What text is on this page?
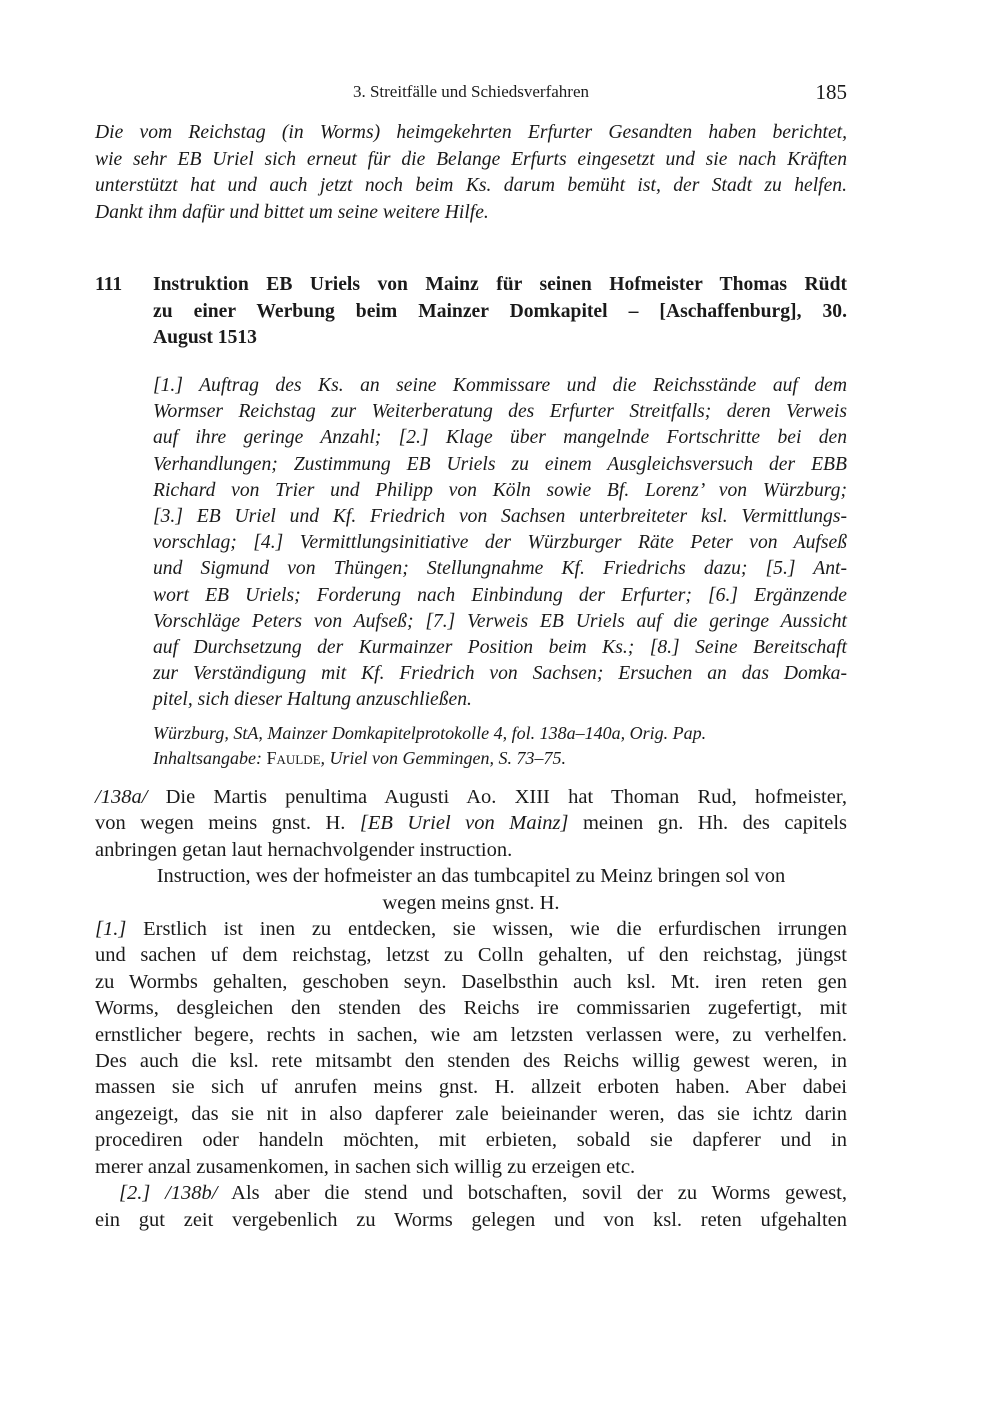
3. Streitfälle und Schiedsverfahren	185
Die vom Reichstag (in Worms) heimgekehrten Erfurter Gesandten haben berichtet,
wie sehr EB Uriel sich erneut für die Belange Erfurts eingesetzt und sie nach Kräften
unterstützt hat und auch jetzt noch beim Ks. darum bemüht ist, der Stadt zu helfen.
Dankt ihm dafür und bittet um seine weitere Hilfe.
111 Instruktion EB Uriels von Mainz für seinen Hofmeister Thomas Rüdt
zu einer Werbung beim Mainzer Domkapitel – [Aschaffenburg], 30.
August 1513
[1.] Auftrag des Ks. an seine Kommissare und die Reichsstände auf dem
Wormser Reichstag zur Weiterberatung des Erfurter Streitfalls; deren Verweis
auf ihre geringe Anzahl; [2.] Klage über mangelnde Fortschritte bei den
Verhandlungen; Zustimmung EB Uriels zu einem Ausgleichsversuch der EBB
Richard von Trier und Philipp von Köln sowie Bf. Lorenz’ von Würzburg;
[3.] EB Uriel und Kf. Friedrich von Sachsen unterbreiteter ksl. Vermittlungs-
vorschlag; [4.] Vermittlungsinitiative der Würzburger Räte Peter von Aufseß
und Sigmund von Thüngen; Stellungnahme Kf. Friedrichs dazu; [5.] Ant-
wort EB Uriels; Forderung nach Einbindung der Erfurter; [6.] Ergänzende
Vorschläge Peters von Aufseß; [7.] Verweis EB Uriels auf die geringe Aussicht
auf Durchsetzung der Kurmainzer Position beim Ks.; [8.] Seine Bereitschaft
zur Verständigung mit Kf. Friedrich von Sachsen; Ersuchen an das Domka-
pitel, sich dieser Haltung anzuschließen.
Würzburg, StA, Mainzer Domkapitelprotokolle 4, fol. 138a–140a, Orig. Pap.
Inhaltsangabe: Faulde, Uriel von Gemmingen, S. 73–75.
/138a/ Die Martis penultima Augusti Ao. XIII hat Thoman Rud, hofmeister,
von wegen meins gnst. H. [EB Uriel von Mainz] meinen gn. Hh. des capitels
anbringen getan laut hernachvolgender instruction.
Instruction, wes der hofmeister an das tumbcapitel zu Meinz bringen sol von
wegen meins gnst. H.
[1.] Erstlich ist inen zu entdecken, sie wissen, wie die erfurdischen irrungen
und sachen uf dem reichstag, letzst zu Colln gehalten, uf den reichstag, jüngst
zu Wormbs gehalten, geschoben seyn. Daselbsthin auch ksl. Mt. iren reten gen
Worms, desgleichen den stenden des Reichs ire commissarien zugefertigt, mit
ernstlicher begere, rechts in sachen, wie am letzsten verlassen were, zu verhelfen.
Des auch die ksl. rete mitsambt den stenden des Reichs willig gewest weren, in
massen sie sich uf anrufen meins gnst. H. allzeit erboten haben. Aber dabei
angezeigt, das sie nit in also dapferer zale beieinander weren, das sie ichtz darin
procediren oder handeln möchten, mit erbieten, sobald sie dapferer und in
merer anzal zusamenkomen, in sachen sich willig zu erzeigen etc.
[2.] /138b/ Als aber die stend und botschaften, sovil der zu Worms gewest,
ein gut zeit vergebenlich zu Worms gelegen und von ksl. reten ufgehalten
